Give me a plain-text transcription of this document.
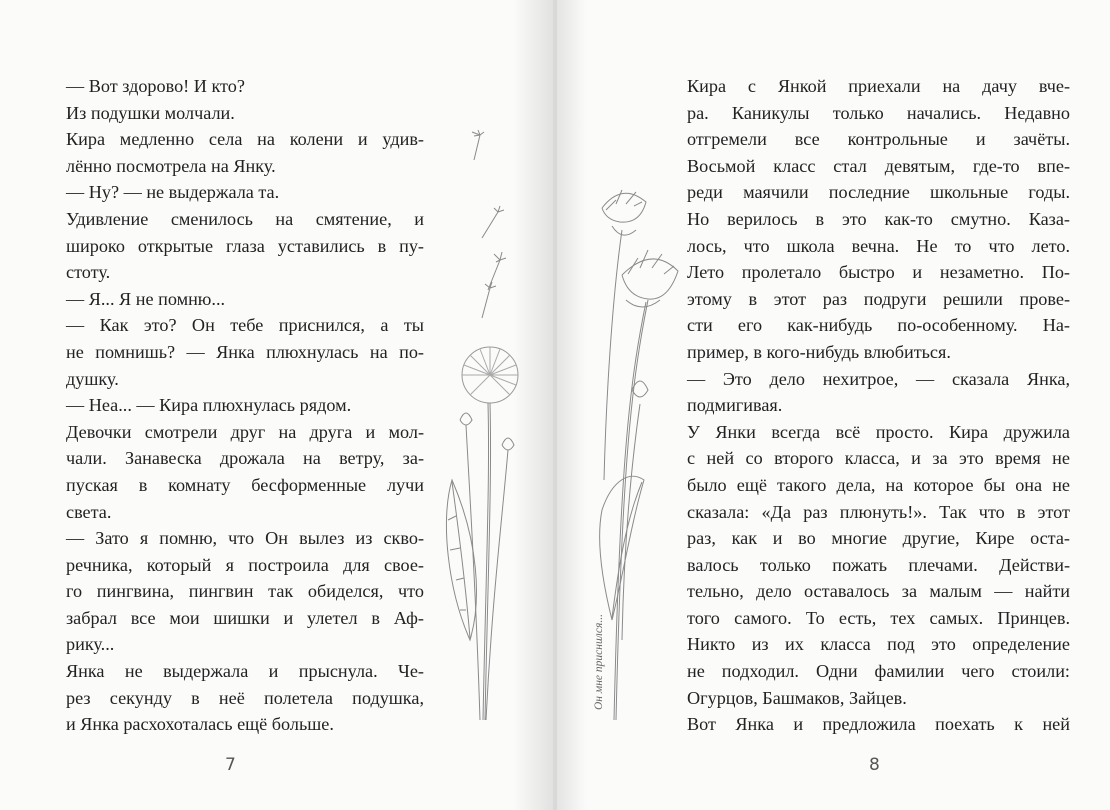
— Вот здорово! И кто?
Из подушки молчали.
Кира медленно села на колени и удив-
лённо посмотрела на Янку.
— Ну? — не выдержала та.
Удивление сменилось на смятение, и
широко открытые глаза уставились в пу-
стоту.
— Я... Я не помню...
— Как это? Он тебе приснился, а ты
не помнишь? — Янка плюхнулась на по-
душку.
— Неа... — Кира плюхнулась рядом.
Девочки смотрели друг на друга и мол-
чали. Занавеска дрожала на ветру, за-
пуская в комнату бесформенные лучи
света.
— Зато я помню, что Он вылез из скво-
речника, который я построила для свое-
го пингвина, пингвин так обиделся, что
забрал все мои шишки и улетел в Аф-
рику...
Янка не выдержала и прыснула. Че-
рез секунду в неё полетела подушка,
и Янка расхохоталась ещё больше.
7
Он мне приснился...
Кира с Янкой приехали на дачу вче-
ра. Каникулы только начались. Недавно
отгремели все контрольные и зачёты.
Восьмой класс стал девятым, где-то впе-
реди маячили последние школьные годы.
Но верилось в это как-то смутно. Каза-
лось, что школа вечна. Не то что лето.
Лето пролетало быстро и незаметно. По-
этому в этот раз подруги решили прове-
сти его как-нибудь по-особенному. На-
пример, в кого-нибудь влюбиться.
— Это дело нехитрое, — сказала Янка,
подмигивая.
У Янки всегда всё просто. Кира дружила
с ней со второго класса, и за это время не
было ещё такого дела, на которое бы она не
сказала: «Да раз плюнуть!». Так что в этот
раз, как и во многие другие, Кире оста-
валось только пожать плечами. Действи-
тельно, дело оставалось за малым — найти
того самого. То есть, тех самых. Принцев.
Никто из их класса под это определение
не подходил. Одни фамилии чего стоили:
Огурцов, Башмаков, Зайцев.
Вот Янка и предложила поехать к ней
8
